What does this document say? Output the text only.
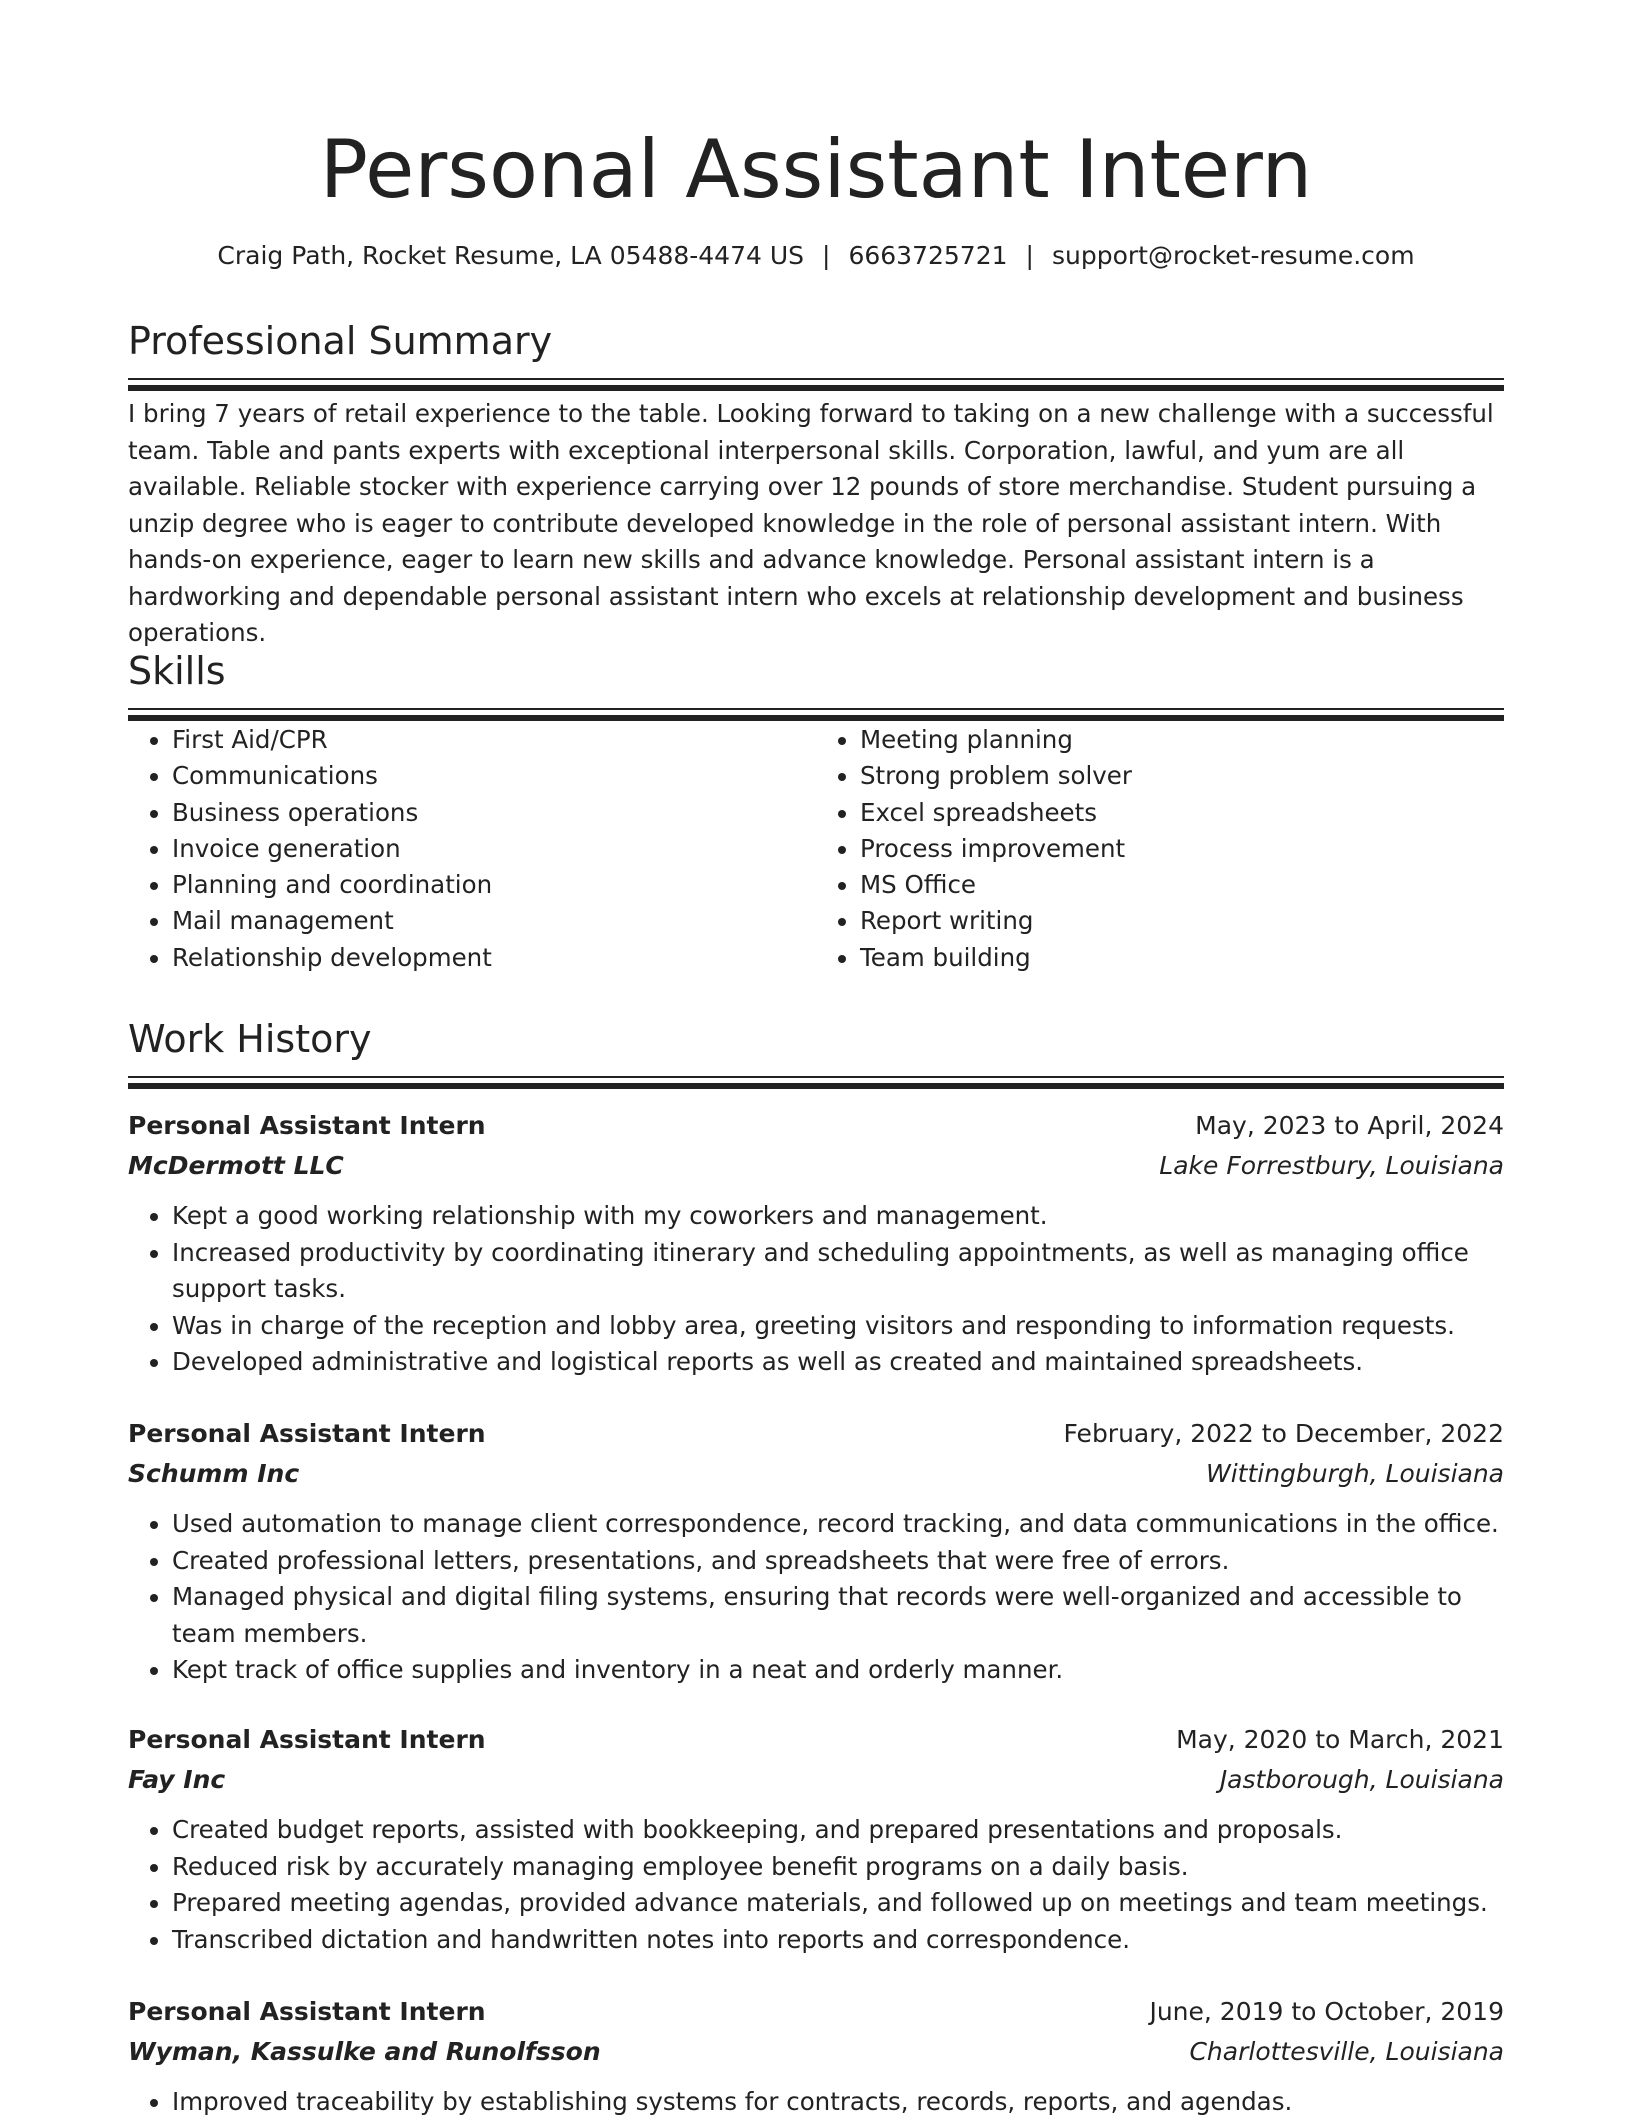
Personal Assistant Intern
Craig Path, Rocket Resume, LA 05488-4474 US | 6663725721 | support@rocket-resume.com
Professional Summary

I bring 7 years of retail experience to the table. Looking forward to taking on a new challenge with a successful team. Table and pants experts with exceptional interpersonal skills. Corporation, lawful, and yum are all available. Reliable stocker with experience carrying over 12 pounds of store merchandise. Student pursuing a unzip degree who is eager to contribute developed knowledge in the role of personal assistant intern. With hands-on experience, eager to learn new skills and advance knowledge. Personal assistant intern is a hardworking and dependable personal assistant intern who excels at relationship development and business operations.

Skills
• First Aid/CPR
• Communications
• Business operations
• Invoice generation
• Planning and coordination
• Mail management
• Relationship development
• Meeting planning
• Strong problem solver
• Excel spreadsheets
• Process improvement
• MS Office
• Report writing
• Team building
Work History
Personal Assistant Intern	May, 2023 to April, 2024
McDermott LLC	Lake Forrestbury, Louisiana
• Kept a good working relationship with my coworkers and management.
• Increased productivity by coordinating itinerary and scheduling appointments, as well as managing office support tasks.
• Was in charge of the reception and lobby area, greeting visitors and responding to information requests.
• Developed administrative and logistical reports as well as created and maintained spreadsheets.
Personal Assistant Intern	February, 2022 to December, 2022
Schumm Inc	Wittingburgh, Louisiana
• Used automation to manage client correspondence, record tracking, and data communications in the office.
• Created professional letters, presentations, and spreadsheets that were free of errors.
• Managed physical and digital filing systems, ensuring that records were well-organized and accessible to team members.
• Kept track of office supplies and inventory in a neat and orderly manner.
Personal Assistant Intern	May, 2020 to March, 2021
Fay Inc	Jastborough, Louisiana
• Created budget reports, assisted with bookkeeping, and prepared presentations and proposals.
• Reduced risk by accurately managing employee benefit programs on a daily basis.
• Prepared meeting agendas, provided advance materials, and followed up on meetings and team meetings.
• Transcribed dictation and handwritten notes into reports and correspondence.
Personal Assistant Intern	June, 2019 to October, 2019
Wyman, Kassulke and Runolfsson	Charlottesville, Louisiana
• Improved traceability by establishing systems for contracts, records, reports, and agendas.
